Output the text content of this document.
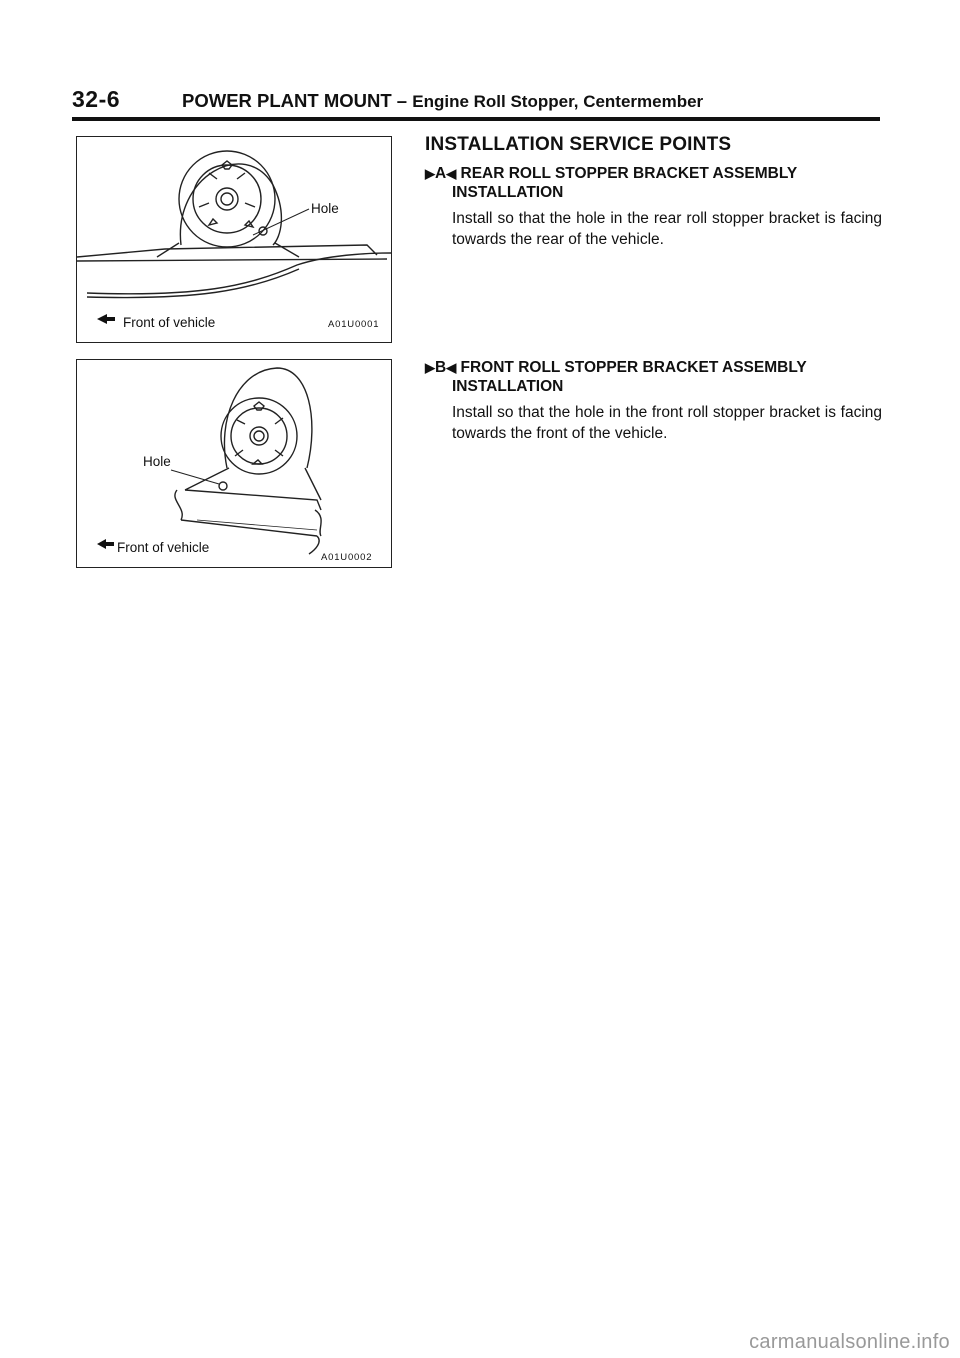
32-6	POWER PLANT MOUNT – Engine Roll Stopper, Centermember
Hole
Front of vehicle	A01U0001
Hole
Front of vehicle
A01U0002
INSTALLATION SERVICE POINTS
▶A◀ REAR ROLL STOPPER BRACKET ASSEMBLY
INSTALLATION
Install so that the hole in the rear roll stopper bracket is facing towards the rear of the vehicle.
▶B◀ FRONT ROLL STOPPER BRACKET ASSEMBLY
INSTALLATION
Install so that the hole in the front roll stopper bracket is facing towards the front of the vehicle.
carmanualsonline.info
